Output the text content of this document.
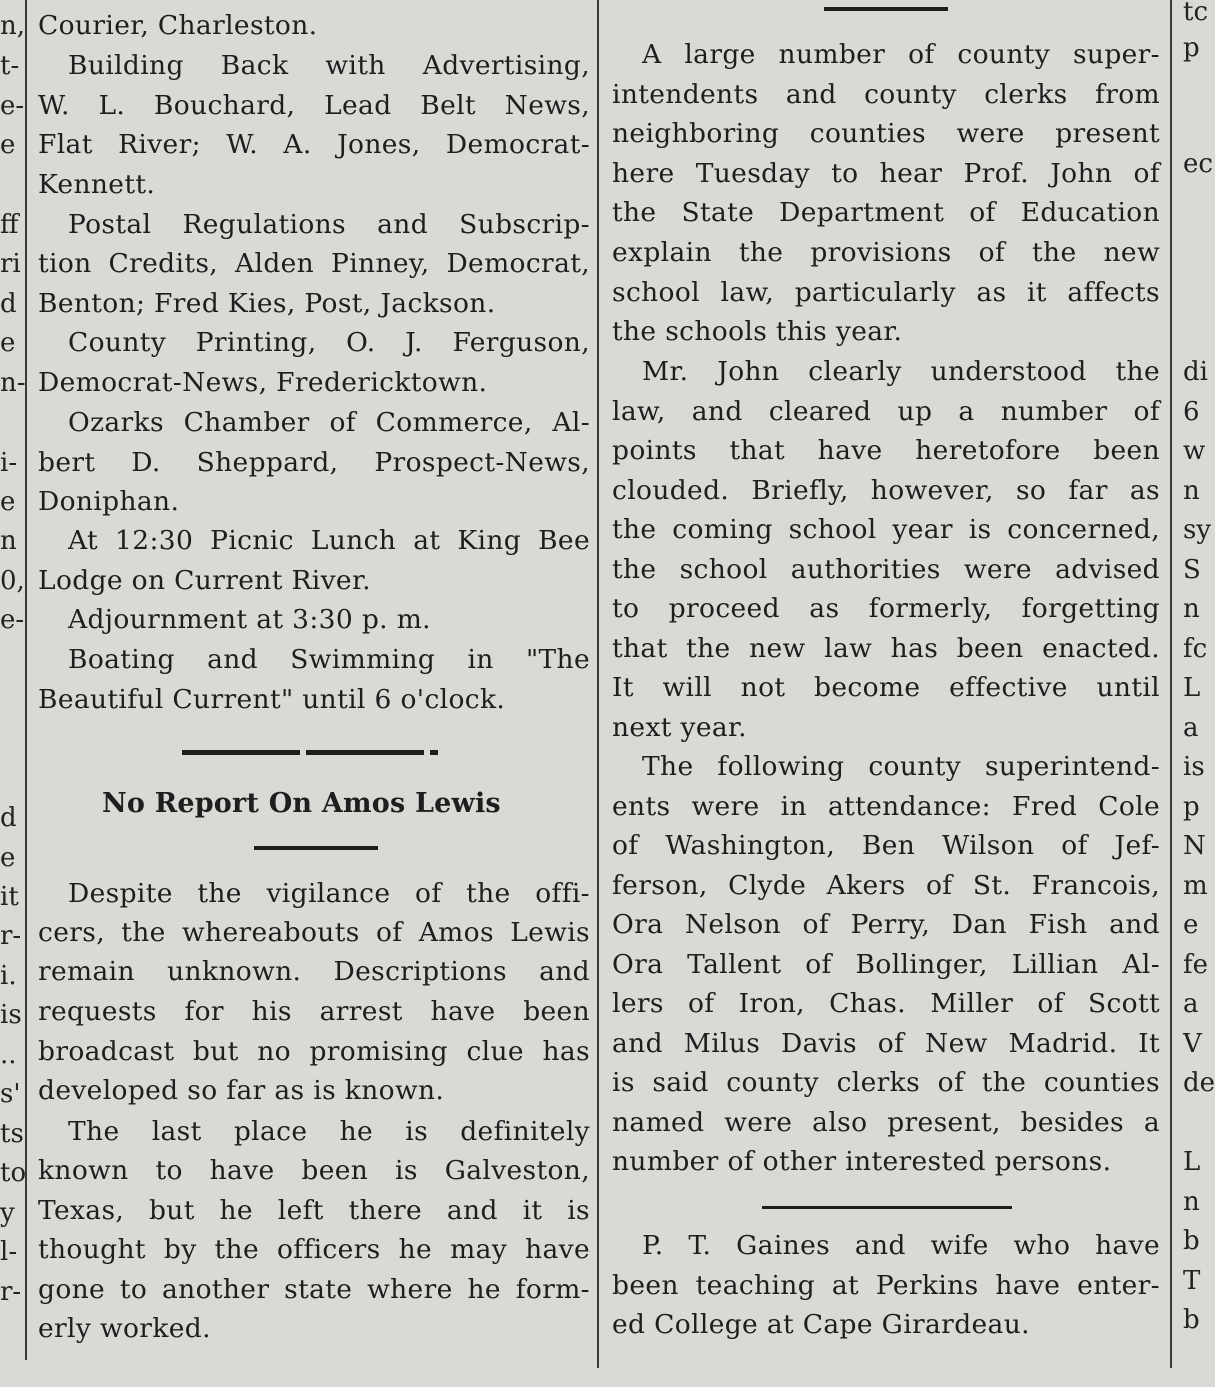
n,
t-
e-
e
ff
ri
d
e
n-
i-
e
n
0,
e-
d
e
it
r-
i.
is
..
s'
ts
to
y
l-
r-
tc
p
ec
di
6
w
n
sy
S
n
fc
L
a
is
p
N
m
e
fe
a
V
de
L
n
b
T
b
Courier, Charleston.
Building Back with Advertising,
W. L. Bouchard, Lead Belt News,
Flat River; W. A. Jones, Democrat-
Kennett.
Postal Regulations and Subscrip-
tion Credits, Alden Pinney, Democrat,
Benton; Fred Kies, Post, Jackson.
County Printing, O. J. Ferguson,
Democrat-News, Fredericktown.
Ozarks Chamber of Commerce, Al-
bert D. Sheppard, Prospect-News,
Doniphan.
At 12:30 Picnic Lunch at King Bee
Lodge on Current River.
Adjournment at 3:30 p. m.
Boating and Swimming in "The
Beautiful Current" until 6 o'clock.
No Report On Amos Lewis
Despite the vigilance of the offi-
cers, the whereabouts of Amos Lewis
remain unknown. Descriptions and
requests for his arrest have been
broadcast but no promising clue has
developed so far as is known.
The last place he is definitely
known to have been is Galveston,
Texas, but he left there and it is
thought by the officers he may have
gone to another state where he form-
erly worked.
A large number of county super-
intendents and county clerks from
neighboring counties were present
here Tuesday to hear Prof. John of
the State Department of Education
explain the provisions of the new
school law, particularly as it affects
the schools this year.
Mr. John clearly understood the
law, and cleared up a number of
points that have heretofore been
clouded. Briefly, however, so far as
the coming school year is concerned,
the school authorities were advised
to proceed as formerly, forgetting
that the new law has been enacted.
It will not become effective until
next year.
The following county superintend-
ents were in attendance: Fred Cole
of Washington, Ben Wilson of Jef-
ferson, Clyde Akers of St. Francois,
Ora Nelson of Perry, Dan Fish and
Ora Tallent of Bollinger, Lillian Al-
lers of Iron, Chas. Miller of Scott
and Milus Davis of New Madrid. It
is said county clerks of the counties
named were also present, besides a
number of other interested persons.
P. T. Gaines and wife who have
been teaching at Perkins have enter-
ed College at Cape Girardeau.
